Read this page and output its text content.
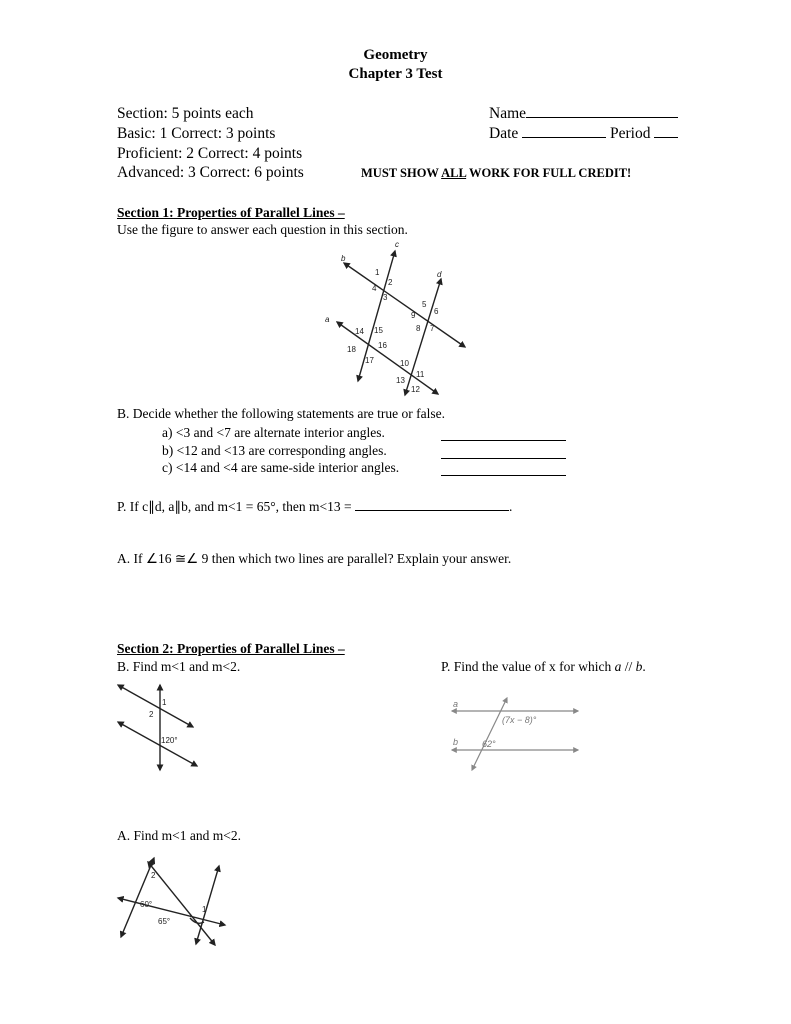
Geometry
Chapter 3 Test
Section: 5 points each
Basic: 1 Correct: 3 points
Proficient: 2 Correct: 4 points
Advanced: 3 Correct: 6 points
Name
Date	Period
MUST SHOW ALL WORK FOR FULL CREDIT!
Section 1: Properties of Parallel Lines –
Use the figure to answer each question in this section.
c
b
d
a
1
2
3
4
5
6
7
8
9
10
11
12
13
14 15
16
17
18
B. Decide whether the following statements are true or false.
a) <3 and <7 are alternate interior angles.
b) <12 and <13 are corresponding angles.
c) <14 and <4 are same-side interior angles.
P. If c∥d, a∥b, and m<1 = 65°, then m<13 =	.
A. If ∠16 ≅∠ 9 then which two lines are parallel? Explain your answer.
Section 2: Properties of Parallel Lines –
B. Find m<1 and m<2.	P. Find the value of x for which a // b.
1
2
120°
a
b
(7x − 8)°
62°
A. Find m<1 and m<2.
2
60°
65°
1
